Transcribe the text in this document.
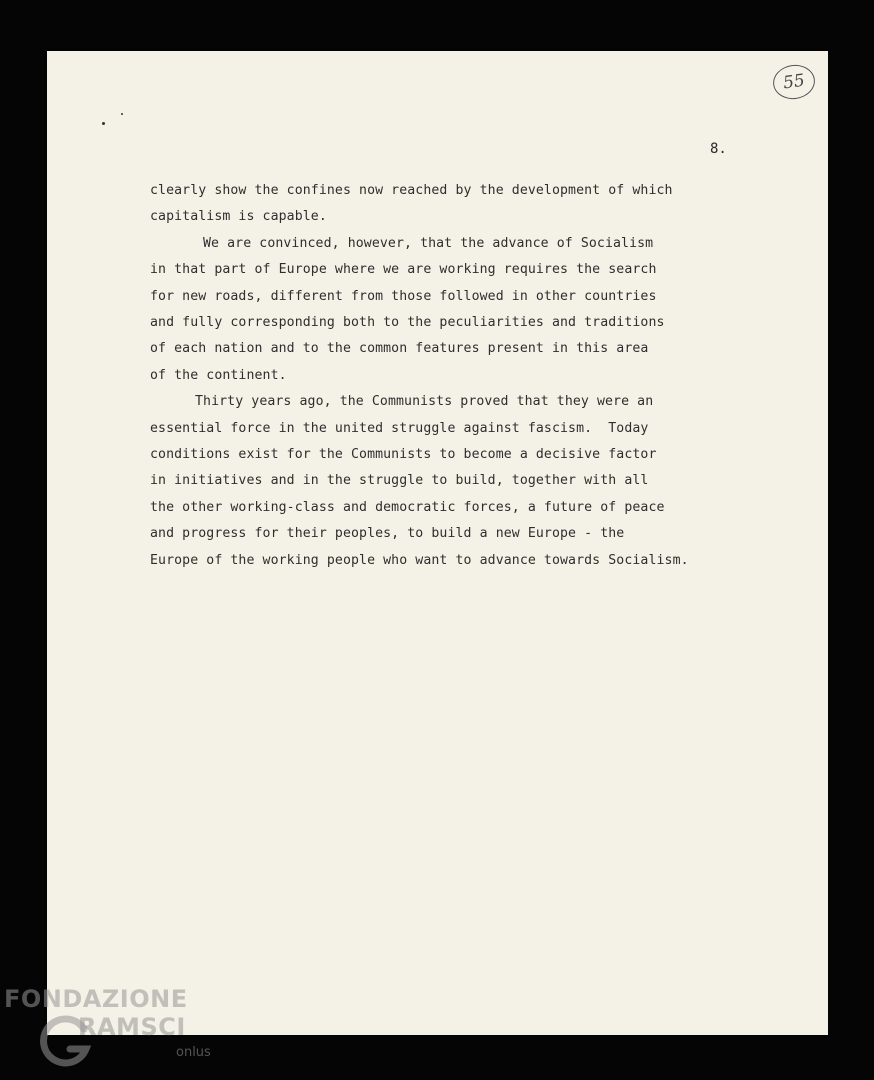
55
8.
clearly show the confines now reached by the development of which
capitalism is capable.
We are convinced, however, that the advance of Socialism
in that part of Europe where we are working requires the search
for new roads, different from those followed in other countries
and fully corresponding both to the peculiarities and traditions
of each nation and to the common features present in this area
of the continent.
Thirty years ago, the Communists proved that they were an
essential force in the united struggle against fascism.  Today
conditions exist for the Communists to become a decisive factor
in initiatives and in the struggle to build, together with all
the other working-class and democratic forces, a future of peace
and progress for their peoples, to build a new Europe - the
Europe of the working people who want to advance towards Socialism.
FONDAZIONE
RAMSCI
onlus
